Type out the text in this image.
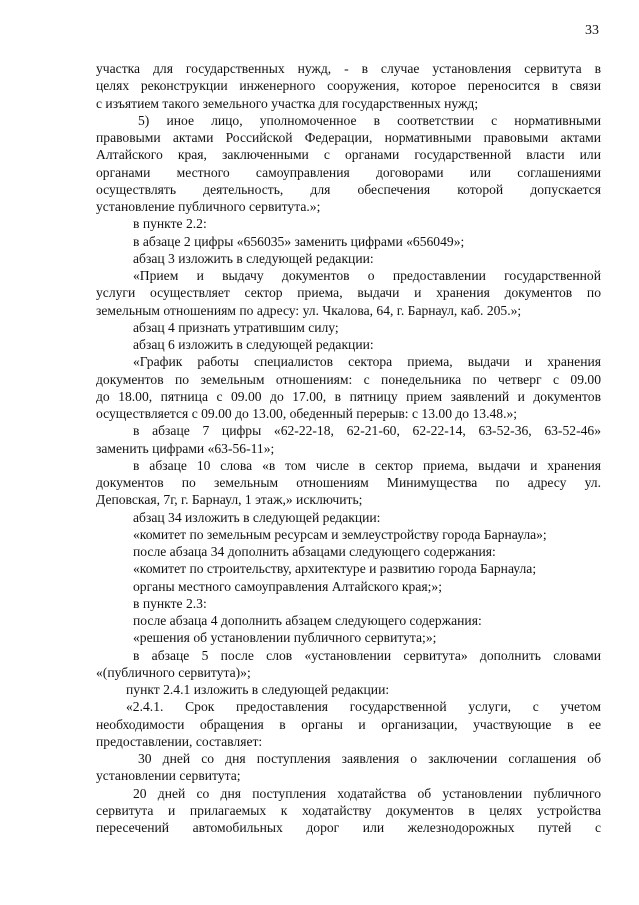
33
участка для государственных нужд, - в случае установления сервитута в
целях реконструкции инженерного сооружения, которое переносится в связи
с изъятием такого земельного участка для государственных нужд;
5) иное лицо, уполномоченное в соответствии с нормативными
правовыми актами Российской Федерации, нормативными правовыми актами
Алтайского края, заключенными с органами государственной власти или
органами местного самоуправления договорами или соглашениями
осуществлять деятельность, для обеспечения которой допускается
установление публичного сервитута.»;
в пункте 2.2:
в абзаце 2 цифры «656035» заменить цифрами «656049»;
абзац 3 изложить в следующей редакции:
«Прием и выдачу документов о предоставлении государственной
услуги осуществляет сектор приема, выдачи и хранения документов по
земельным отношениям по адресу: ул. Чкалова, 64, г. Барнаул, каб. 205.»;
абзац 4 признать утратившим силу;
абзац 6 изложить в следующей редакции:
«График работы специалистов сектора приема, выдачи и хранения
документов по земельным отношениям: с понедельника по четверг с 09.00
до 18.00, пятница с 09.00 до 17.00, в пятницу прием заявлений и документов
осуществляется с 09.00 до 13.00, обеденный перерыв: с 13.00 до 13.48.»;
в абзаце 7 цифры «62-22-18, 62-21-60, 62-22-14, 63-52-36, 63-52-46»
заменить цифрами «63-56-11»;
в абзаце 10 слова «в том числе в сектор приема, выдачи и хранения
документов по земельным отношениям Минимущества по адресу ул.
Деповская, 7г, г. Барнаул, 1 этаж,» исключить;
абзац 34 изложить в следующей редакции:
«комитет по земельным ресурсам и землеустройству города Барнаула»;
после абзаца 34 дополнить абзацами следующего содержания:
«комитет по строительству, архитектуре и развитию города Барнаула;
органы местного самоуправления Алтайского края;»;
в пункте 2.3:
после абзаца 4 дополнить абзацем следующего содержания:
«решения об установлении публичного сервитута;»;
в абзаце 5 после слов «установлении сервитута» дополнить словами
«(публичного сервитута)»;
пункт 2.4.1 изложить в следующей редакции:
«2.4.1. Срок предоставления государственной услуги, с учетом
необходимости обращения в органы и организации, участвующие в ее
предоставлении, составляет:
30 дней со дня поступления заявления о заключении соглашения об
установлении сервитута;
20 дней со дня поступления ходатайства об установлении публичного
сервитута и прилагаемых к ходатайству документов в целях устройства
пересечений автомобильных дорог или железнодорожных путей с
